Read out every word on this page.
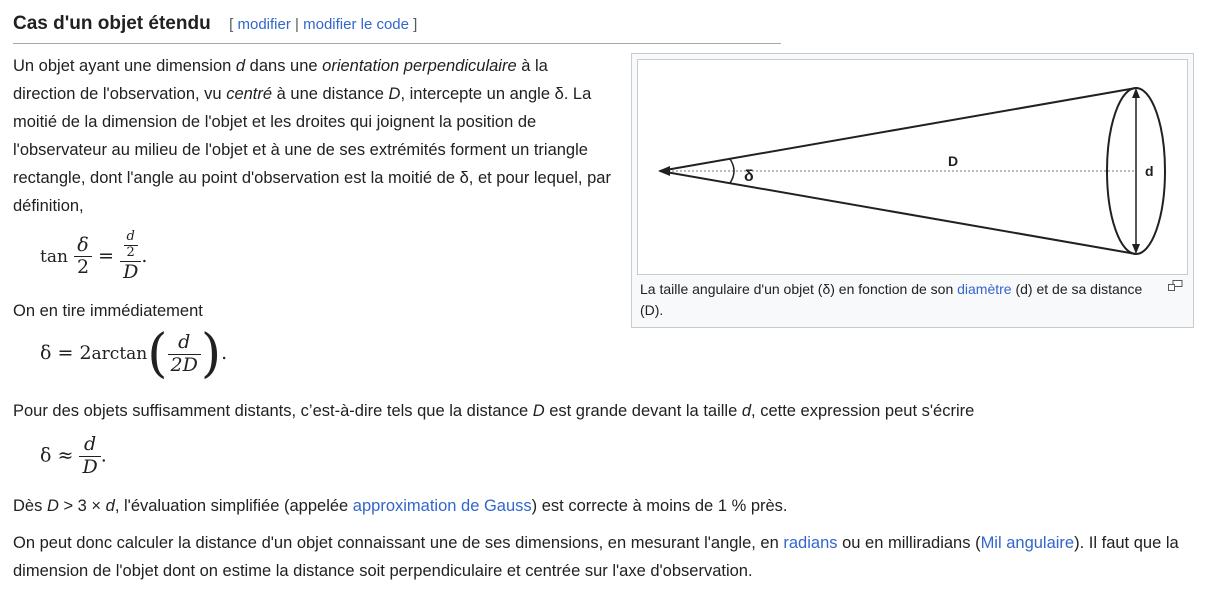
Cas d'un objet étendu [ modifier | modifier le code ]
Un objet ayant une dimension d dans une orientation perpendiculaire à la direction de l'observation, vu centré à une distance D, intercepte un angle δ. La moitié de la dimension de l'objet et les droites qui joignent la position de l'observateur au milieu de l'objet et à une de ses extrémités forment un triangle rectangle, dont l'angle au point d'observation est la moitié de δ, et pour lequel, par définition,
$\tan \frac{\delta}{2} = \frac{\frac{d}{2}}{D}$ .
On en tire immédiatement
$\delta = 2\arctan( \frac{d}{2D}$ ).
Pour des objets suffisamment distants, c’est-à-dire tels que la distance D est grande devant la taille d, cette expression peut s'écrire
$\delta \approx \frac{d}{D}$ .
Dès D > 3 × d, l'évaluation simplifiée (appelée approximation de Gauss) est correcte à moins de 1 % près.
On peut donc calculer la distance d'un objet connaissant une de ses dimensions, en mesurant l'angle, en radians ou en milliradians (Mil angulaire). Il faut que la dimension de l'objet dont on estime la distance soit perpendiculaire et centrée sur l'axe d'observation.
δ
D
d
La taille angulaire d'un objet (δ) en fonction de son diamètre (d) et de sa distance (D).
